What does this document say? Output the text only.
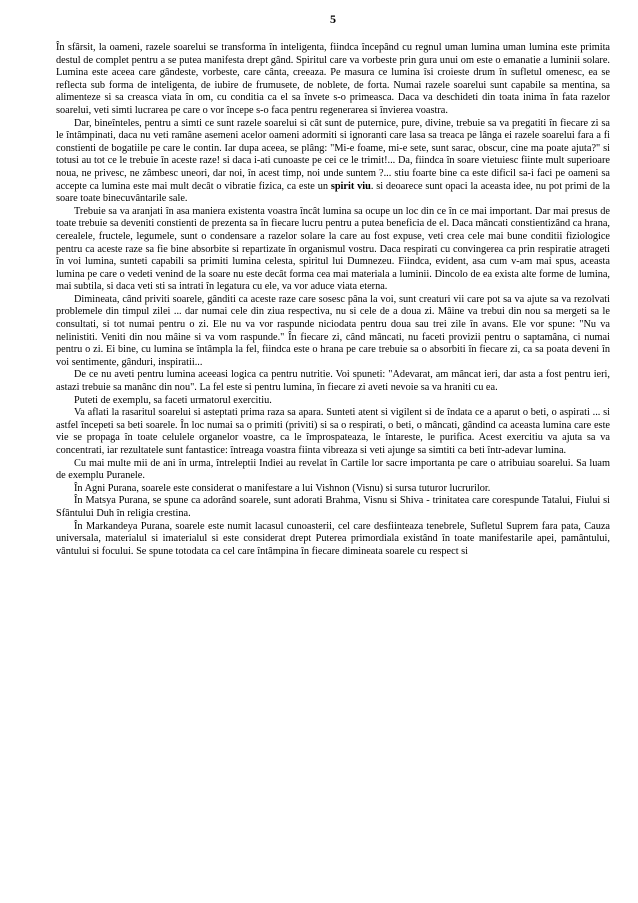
5

În sfârsit, la oameni, razele soarelui se transforma în inteligenta, fiindca începând cu regnul uman lumina uman lumina este primita destul de complet pentru a se putea manifesta drept gând. Spiritul care va vorbeste prin gura unui om este o emanatie a luminii solare. Lumina este aceea care gândeste, vorbeste, care cânta, creeaza. Pe masura ce lumina îsi croieste drum în sufletul omenesc, ea se reflecta sub forma de inteligenta, de iubire de frumusete, de noblete, de forta. Numai razele soarelui sunt capabile sa mentina, sa alimenteze si sa creasca viata în om, cu conditia ca el sa învete s-o primeasca. Daca va deschideti din toata inima în fata razelor soarelui, veti simti lucrarea pe care o vor începe s-o faca pentru regenerarea si învierea voastra.

Dar, bineînteles, pentru a simti ce sunt razele soarelui si cât sunt de puternice, pure, divine, trebuie sa va pregatiti în fiecare zi sa le întâmpinati, daca nu veti ramâne asemeni acelor oameni adormiti si ignoranti care lasa sa treaca pe lânga ei razele soarelui fara a fi constienti de bogatiile pe care le contin. Iar dupa aceea, se plâng: "Mi-e foame, mi-e sete, sunt sarac, obscur, cine ma poate ajuta?" si totusi au tot ce le trebuie în aceste raze! si daca i-ati cunoaste pe cei ce le trimit!... Da, fiindca în soare vietuiesc fiinte mult superioare noua, ne privesc, ne zâmbesc uneori, dar noi, în acest timp, noi unde suntem ?... stiu foarte bine ca este dificil sa-i faci pe oameni sa accepte ca lumina este mai mult decât o vibratie fizica, ca este un spirit viu. si deoarece sunt opaci la aceasta idee, nu pot primi de la soare toate binecuvântarile sale.

Trebuie sa va aranjati în asa maniera existenta voastra încât lumina sa ocupe un loc din ce în ce mai important. Dar mai presus de toate trebuie sa deveniti constienti de prezenta sa în fiecare lucru pentru a putea beneficia de el. Daca mâncati constientizând ca hrana, cerealele, fructele, legumele, sunt o condensare a razelor solare la care au fost expuse, veti crea cele mai bune conditii fiziologice pentru ca aceste raze sa fie bine absorbite si repartizate în organismul vostru. Daca respirati cu convingerea ca prin respiratie atrageti în voi lumina, sunteti capabili sa primiti lumina celesta, spiritul lui Dumnezeu. Fiindca, evident, asa cum v-am mai spus, aceasta lumina pe care o vedeti venind de la soare nu este decât forma cea mai materiala a luminii. Dincolo de ea exista alte forme de lumina, mai subtila, si daca veti sti sa intrati în legatura cu ele, va vor aduce viata eterna.

Dimineata, când priviti soarele, gânditi ca aceste raze care sosesc pâna la voi, sunt creaturi vii care pot sa va ajute sa va rezolvati problemele din timpul zilei ... dar numai cele din ziua respectiva, nu si cele de a doua zi. Mâine va trebui din nou sa mergeti sa le consultati, si tot numai pentru o zi. Ele nu va vor raspunde niciodata pentru doua sau trei zile în avans. Ele vor spune: "Nu va nelinistiti. Veniti din nou mâine si va vom raspunde." În fiecare zi, când mâncati, nu faceti provizii pentru o saptamâna, ci numai pentru o zi. Ei bine, cu lumina se întâmpla la fel, fiindca este o hrana pe care trebuie sa o absorbiti în fiecare zi, ca sa poata deveni în voi sentimente, gânduri, inspiratii...

De ce nu aveti pentru lumina aceeasi logica ca pentru nutritie. Voi spuneti: "Adevarat, am mâncat ieri, dar asta a fost pentru ieri, astazi trebuie sa manânc din nou". La fel este si pentru lumina, în fiecare zi aveti nevoie sa va hraniti cu ea.

Puteti de exemplu, sa faceti urmatorul exercitiu.

Va aflati la rasaritul soarelui si asteptati prima raza sa apara. Sunteti atent si vigilent si de îndata ce a aparut o beti, o aspirati ... si astfel începeti sa beti soarele. În loc numai sa o primiti (priviti) si sa o respirati, o beti, o mâncati, gândind ca aceasta lumina care este vie se propaga în toate celulele organelor voastre, ca le împrospateaza, le întareste, le purifica. Acest exercitiu va ajuta sa va concentrati, iar rezultatele sunt fantastice: întreaga voastra fiinta vibreaza si veti ajunge sa simtiti ca beti într-adevar lumina.

Cu mai multe mii de ani în urma, întreleptii Indiei au revelat în Cartile lor sacre importanta pe care o atribuiau soarelui. Sa luam de exemplu Puranele.

În Agni Purana, soarele este considerat o manifestare a lui Vishnon (Visnu) si sursa tuturor lucrurilor.

În Matsya Purana, se spune ca adorând soarele, sunt adorati Brahma, Visnu si Shiva - trinitatea care corespunde Tatalui, Fiului si Sfântului Duh în religia crestina.

În Markandeya Purana, soarele este numit lacasul cunoasterii, cel care desfiinteaza tenebrele, Sufletul Suprem fara pata, Cauza universala, materialul si imaterialul si este considerat drept Puterea primordiala existând în toate manifestarile apei, pamântului, vântului si focului. Se spune totodata ca cel care întâmpina în fiecare dimineata soarele cu respect si
